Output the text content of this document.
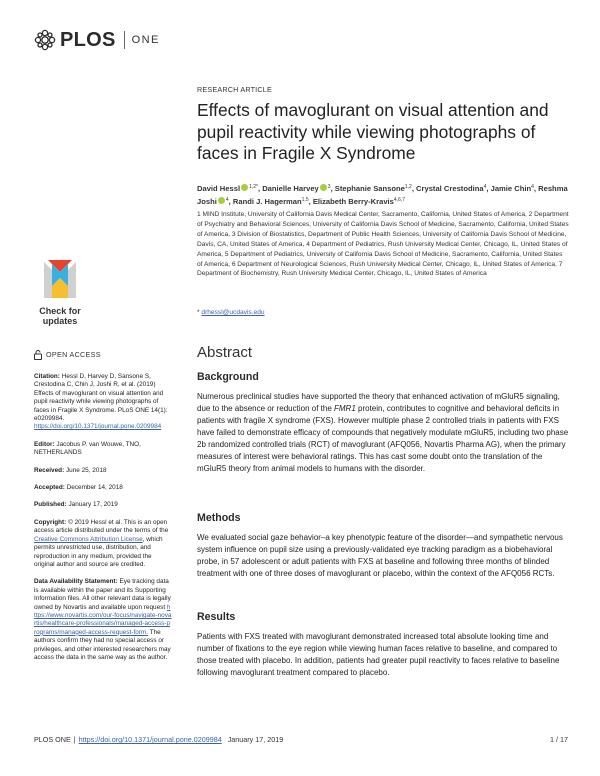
PLOS ONE
Check for
updates
OPEN ACCESS
Citation: Hessl D, Harvey D, Sansone S, Crestodina C, Chin J, Joshi R, et al. (2019) Effects of mavoglurant on visual attention and pupil reactivity while viewing photographs of faces in Fragile X Syndrome. PLoS ONE 14(1): e0209984. https://doi.org/10.1371/journal.pone.0209984
Editor: Jacobus P. van Wouwe, TNO, NETHERLANDS
Received: June 25, 2018
Accepted: December 14, 2018
Published: January 17, 2019
Copyright: © 2019 Hessl et al. This is an open access article distributed under the terms of the Creative Commons Attribution License, which permits unrestricted use, distribution, and reproduction in any medium, provided the original author and source are credited.
Data Availability Statement: Eye tracking data is available within the paper and its Supporting Information files. All other relevant data is legally owned by Novartis and available upon request https://www.novartis.com/our-focus/navigate-novartis/healthcare-professionals/managed-access-programs/managed-access-request-form. The authors confirm they had no special access or privileges, and other interested researchers may access the data in the same way as the author.
RESEARCH ARTICLE
Effects of mavoglurant on visual attention and pupil reactivity while viewing photographs of faces in Fragile X Syndrome
David Hessl $^{1,2*}$, Danielle Harvey $^3$, Stephanie Sansone$^{1,2}$, Crystal Crestodina$^4$, Jamie Chin$^4$, Reshma Joshi $^4$, Randi J. Hagerman$^{1,5}$, Elizabeth Berry-Kravis$^{4,6,7}$
1 MIND Institute, University of California Davis Medical Center, Sacramento, California, United States of America, 2 Department of Psychiatry and Behavioral Sciences, University of California Davis School of Medicine, Sacramento, California, United States of America, 3 Division of Biostatistics, Department of Public Health Sciences, University of California Davis School of Medicine, Davis, CA, United States of America, 4 Department of Pediatrics, Rush University Medical Center, Chicago, IL, United States of America, 5 Department of Pediatrics, University of California Davis School of Medicine, Sacramento, California, United States of America, 6 Department of Neurological Sciences, Rush University Medical Center, Chicago, IL, United States of America, 7 Department of Biochemistry, Rush University Medical Center, Chicago, IL, United States of America
* drhessl@ucdavis.edu
Abstract
Background
Numerous preclinical studies have supported the theory that enhanced activation of mGluR5 signaling, due to the absence or reduction of the FMR1 protein, contributes to cognitive and behavioral deficits in patients with fragile X syndrome (FXS). However multiple phase 2 controlled trials in patients with FXS have failed to demonstrate efficacy of compounds that negatively modulate mGluR5, including two phase 2b randomized controlled trials (RCT) of mavoglurant (AFQ056, Novartis Pharma AG), when the primary measures of interest were behavioral ratings. This has cast some doubt onto the translation of the mGluR5 theory from animal models to humans with the disorder.
Methods
We evaluated social gaze behavior–a key phenotypic feature of the disorder—and sympathetic nervous system influence on pupil size using a previously-validated eye tracking paradigm as a biobehavioral probe, in 57 adolescent or adult patients with FXS at baseline and following three months of blinded treatment with one of three doses of mavoglurant or placebo, within the context of the AFQ056 RCTs.
Results
Patients with FXS treated with mavoglurant demonstrated increased total absolute looking time and number of fixations to the eye region while viewing human faces relative to baseline, and compared to those treated with placebo. In addition, patients had greater pupil reactivity to faces relative to baseline following mavoglurant treatment compared to placebo.
PLOS ONE | https://doi.org/10.1371/journal.pone.0209984 January 17, 2019	1 / 17
